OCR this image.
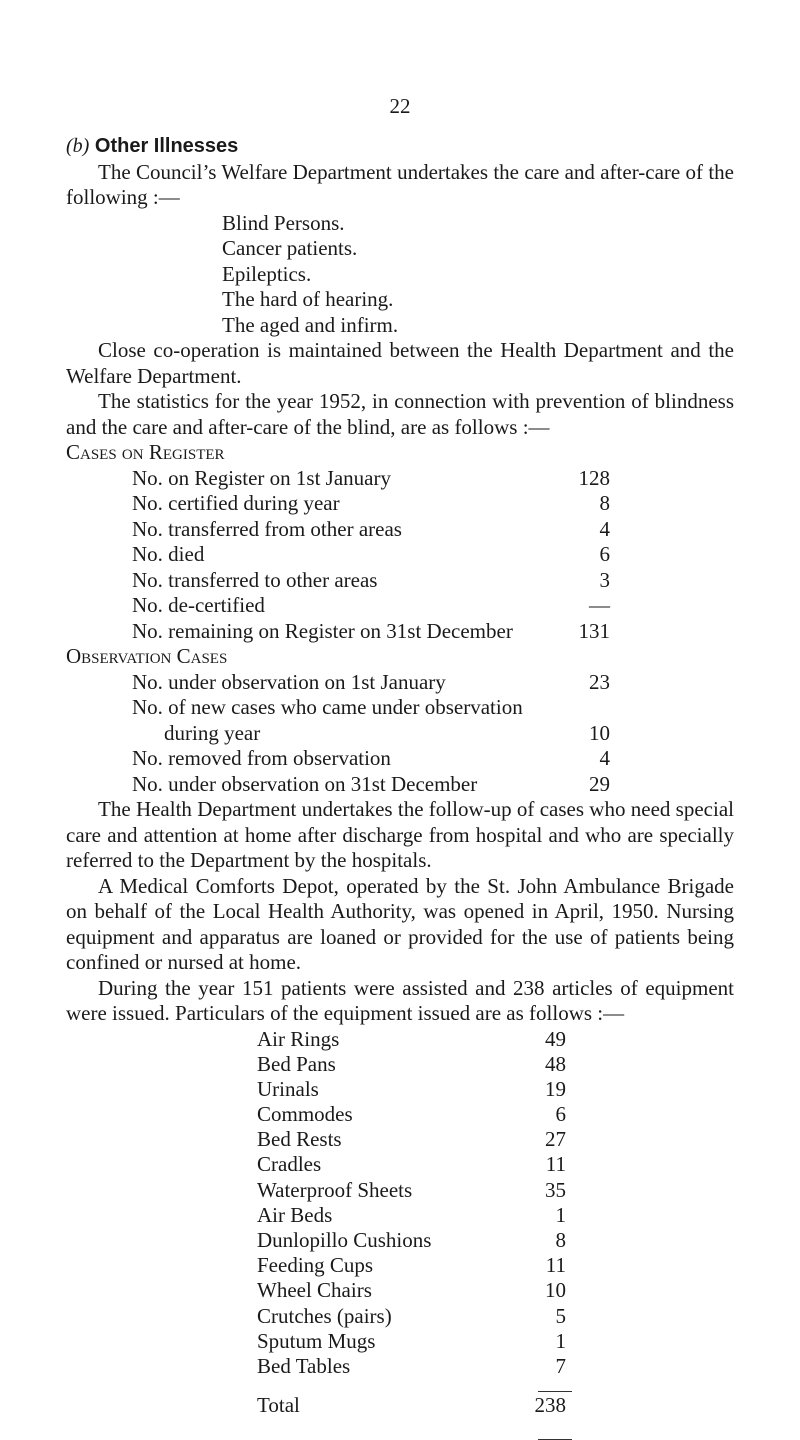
22
(b) Other Illnesses

The Council’s Welfare Department undertakes the care and after-care of the following :—

Blind Persons.
Cancer patients.
Epileptics.
The hard of hearing.
The aged and infirm.

Close co-operation is maintained between the Health Department and the Welfare Department.

The statistics for the year 1952, in connection with prevention of blindness and the care and after-care of the blind, are as follows :—

Cases on Register
No. on Register on 1st January	128
No. certified during year	8
No. transferred from other areas	4
No. died	6
No. transferred to other areas	3
No. de-certified	—
No. remaining on Register on 31st December	131
Observation Cases
No. under observation on 1st January	23
No. of new cases who came under observation
during year	10
No. removed from observation	4
No. under observation on 31st December	29

The Health Department undertakes the follow-up of cases who need special care and attention at home after discharge from hospital and who are specially referred to the Department by the hospitals.

A Medical Comforts Depot, operated by the St. John Ambulance Brigade on behalf of the Local Health Authority, was opened in April, 1950. Nursing equipment and apparatus are loaned or provided for the use of patients being confined or nursed at home.

During the year 151 patients were assisted and 238 articles of equipment were issued. Particulars of the equipment issued are as follows :—

Air Rings	49
Bed Pans	48
Urinals	19
Commodes	6
Bed Rests	27
Cradles	11
Waterproof Sheets	35
Air Beds	1
Dunlopillo Cushions	8
Feeding Cups	11
Wheel Chairs	10
Crutches (pairs)	5
Sputum Mugs	1
Bed Tables	7
Total	238
